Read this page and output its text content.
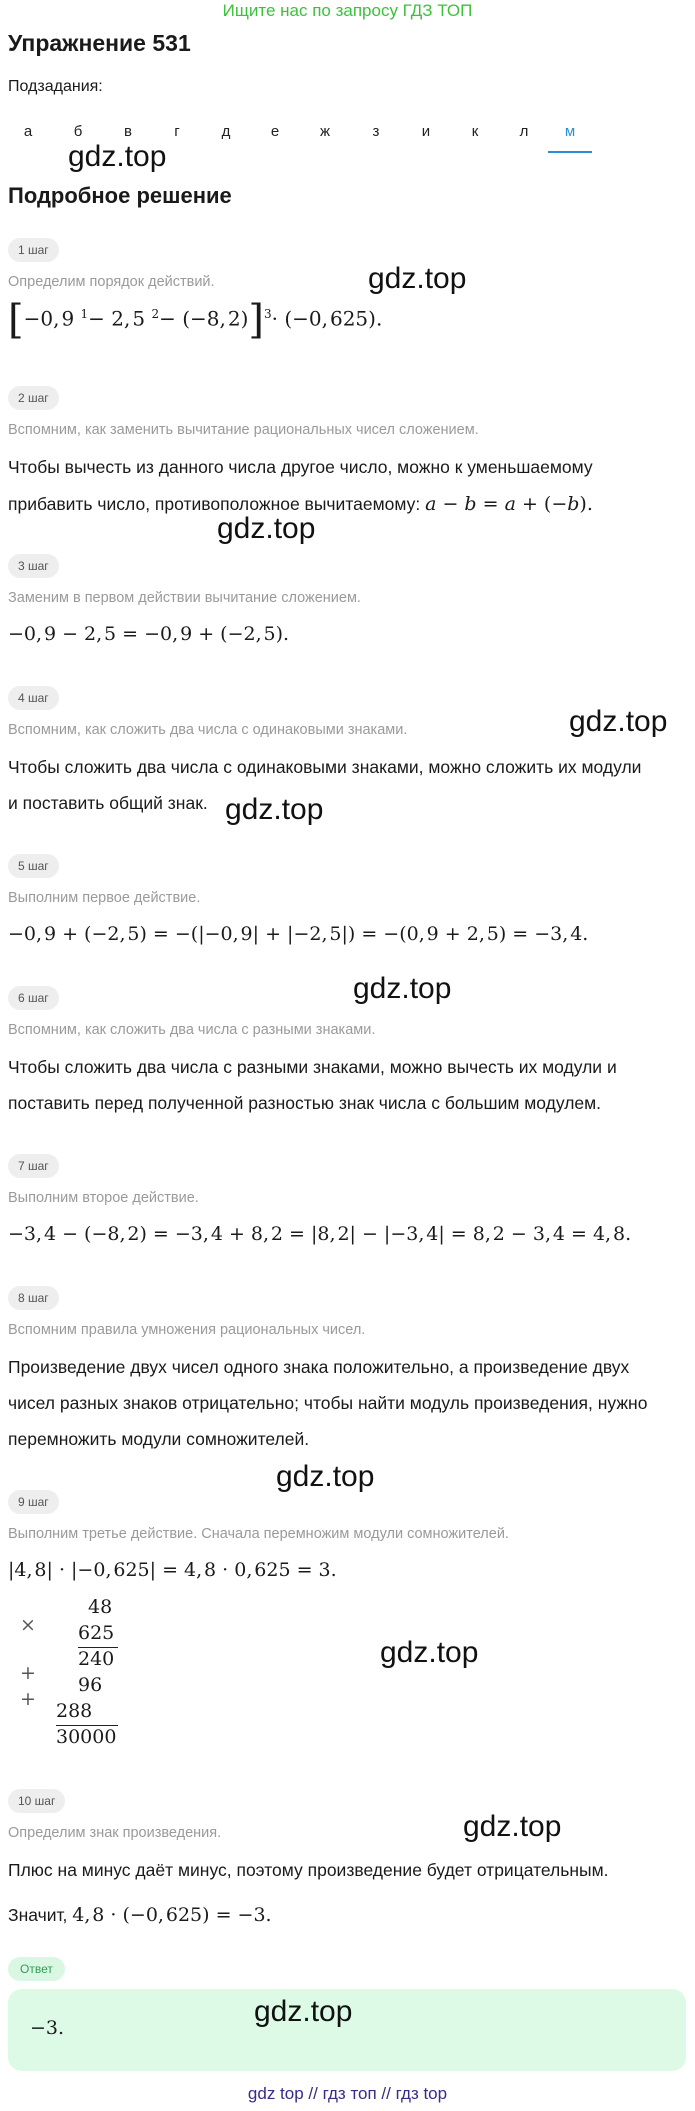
Ищите нас по запросу ГДЗ ТОП
Упражнение 531
Подзадания:
а	б	в	г	д	е	ж	з	и	к	л	м
gdz.top
Подробное решение
1 шаг
Определим порядок действий.	gdz.top
[−0, 9 $^1$− 2, 5 $^2$− (−8, 2)]$^3$· (−0, 625).
2 шаг
Вспомним, как заменить вычитание рациональных чисел сложением.
Чтобы вычесть из данного числа другое число, можно к уменьшаемому
прибавить число, противоположное вычитаемому: a − b = a + (−b).
gdz.top
3 шаг
Заменим в первом действии вычитание сложением.
−0, 9 − 2, 5 = −0, 9 + (−2, 5).
4 шаг
Вспомним, как сложить два числа с одинаковыми знаками.	gdz.top
Чтобы сложить два числа с одинаковыми знаками, можно сложить их модули
и поставить общий знак. gdz.top
5 шаг
Выполним первое действие.
−0, 9 + (−2, 5) = −(|−0, 9| + |−2, 5|) = −(0, 9 + 2, 5) = −3, 4.
gdz.top
6 шаг
Вспомним, как сложить два числа с разными знаками.
Чтобы сложить два числа с разными знаками, можно вычесть их модули и
поставить перед полученной разностью знак числа с большим модулем.
7 шаг
Выполним второе действие.
−3, 4 − (−8, 2) = −3, 4 + 8, 2 = |8, 2| − |−3, 4| = 8, 2 − 3, 4 = 4, 8.
8 шаг
Вспомним правила умножения рациональных чисел.
Произведение двух чисел одного знака положительно, а произведение двух
чисел разных знаков отрицательно; чтобы найти модуль произведения, нужно
перемножить модули сомножителей.
gdz.top
9 шаг
Выполним третье действие. Сначала перемножим модули сомножителей.
|4, 8| · |−0, 625| = 4, 8 · 0, 625 = 3.
×
48
625
240
+
96
+
288
30000
gdz.top
10 шаг
gdz.top
Определим знак произведения.
Плюс на минус даёт минус, поэтому произведение будет отрицательным.
Значит, 4, 8 · (−0, 625) = −3.
Ответ
−3.	gdz.top
gdz top // гдз топ // гдз top
